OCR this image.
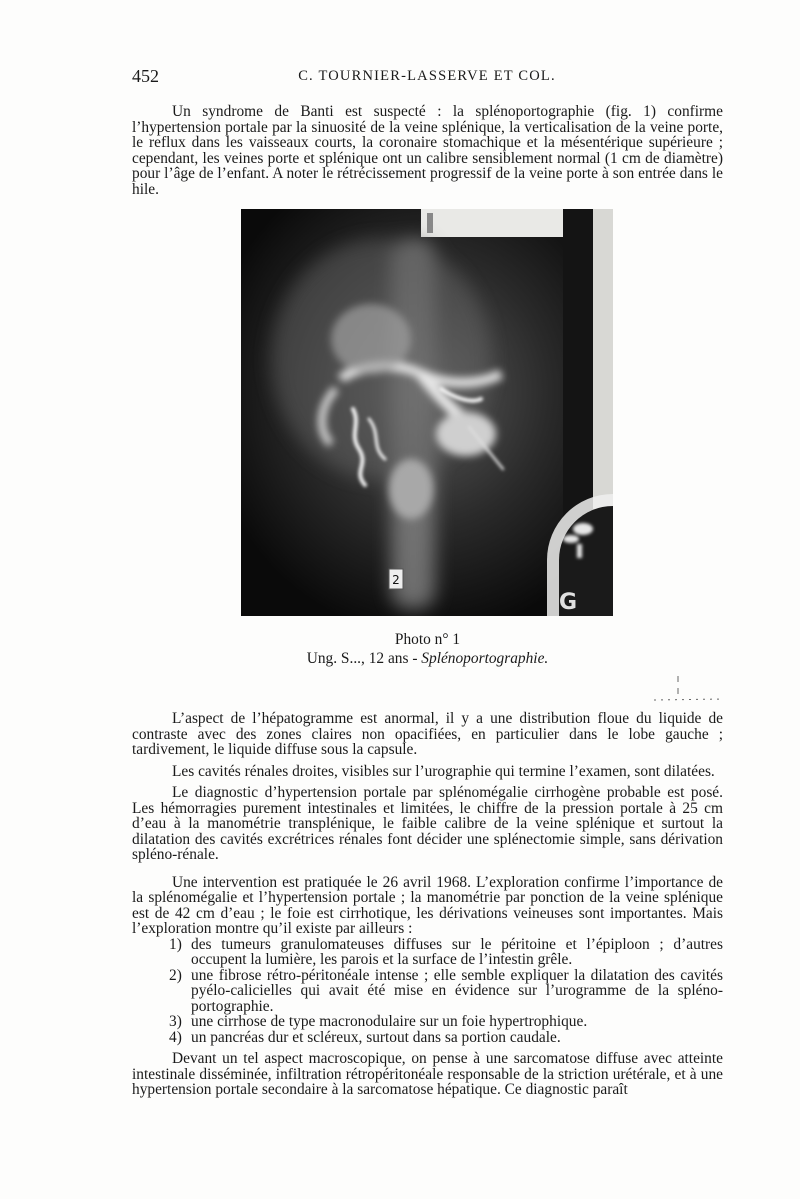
452	C. TOURNIER-LASSERVE ET COL.

Un syndrome de Banti est suspecté : la splénoportographie (fig. 1) confirme l’hypertension portale par la sinuosité de la veine splénique, la verticalisation de la veine porte, le reflux dans les vaisseaux courts, la coronaire stomachique et la mésentérique supérieure ; cependant, les veines porte et splénique ont un calibre sensiblement normal (1 cm de diamètre) pour l’âge de l’enfant. A noter le rétrécissement progressif de la veine porte à son entrée dans le hile.

2
G
Photo n° 1
Ung. S..., 12 ans - Splénoportographie.

L’aspect de l’hépatogramme est anormal, il y a une distribution floue du liquide de contraste avec des zones claires non opacifiées, en particulier dans le lobe gauche ; tardivement, le liquide diffuse sous la capsule.

Les cavités rénales droites, visibles sur l’urographie qui termine l’examen, sont dilatées.

Le diagnostic d’hypertension portale par splénomégalie cirrhogène probable est posé. Les hémorragies purement intestinales et limitées, le chiffre de la pression portale à 25 cm d’eau à la manométrie transplénique, le faible calibre de la veine splénique et surtout la dilatation des cavités excrétrices rénales font décider une splénectomie simple, sans dérivation spléno-rénale.

Une intervention est pratiquée le 26 avril 1968. L’exploration confirme l’importance de la splénomégalie et l’hypertension portale ; la manométrie par ponction de la veine splénique est de 42 cm d’eau ; le foie est cirrhotique, les dérivations veineuses sont importantes. Mais l’exploration montre qu’il existe par ailleurs :

1) des tumeurs granulomateuses diffuses sur le péritoine et l’épiploon ; d’autres occupent la lumière, les parois et la surface de l’intestin grêle.
2) une fibrose rétro-péritonéale intense ; elle semble expliquer la dilatation des cavités pyélo-calicielles qui avait été mise en évidence sur l’urogramme de la spléno-portographie.
3) une cirrhose de type macronodulaire sur un foie hypertrophique.
4) un pancréas dur et scléreux, surtout dans sa portion caudale.

Devant un tel aspect macroscopique, on pense à une sarcomatose diffuse avec atteinte intestinale disséminée, infiltration rétropéritonéale responsable de la striction urétérale, et à une hypertension portale secondaire à la sarcomatose hépatique. Ce diagnostic paraît
